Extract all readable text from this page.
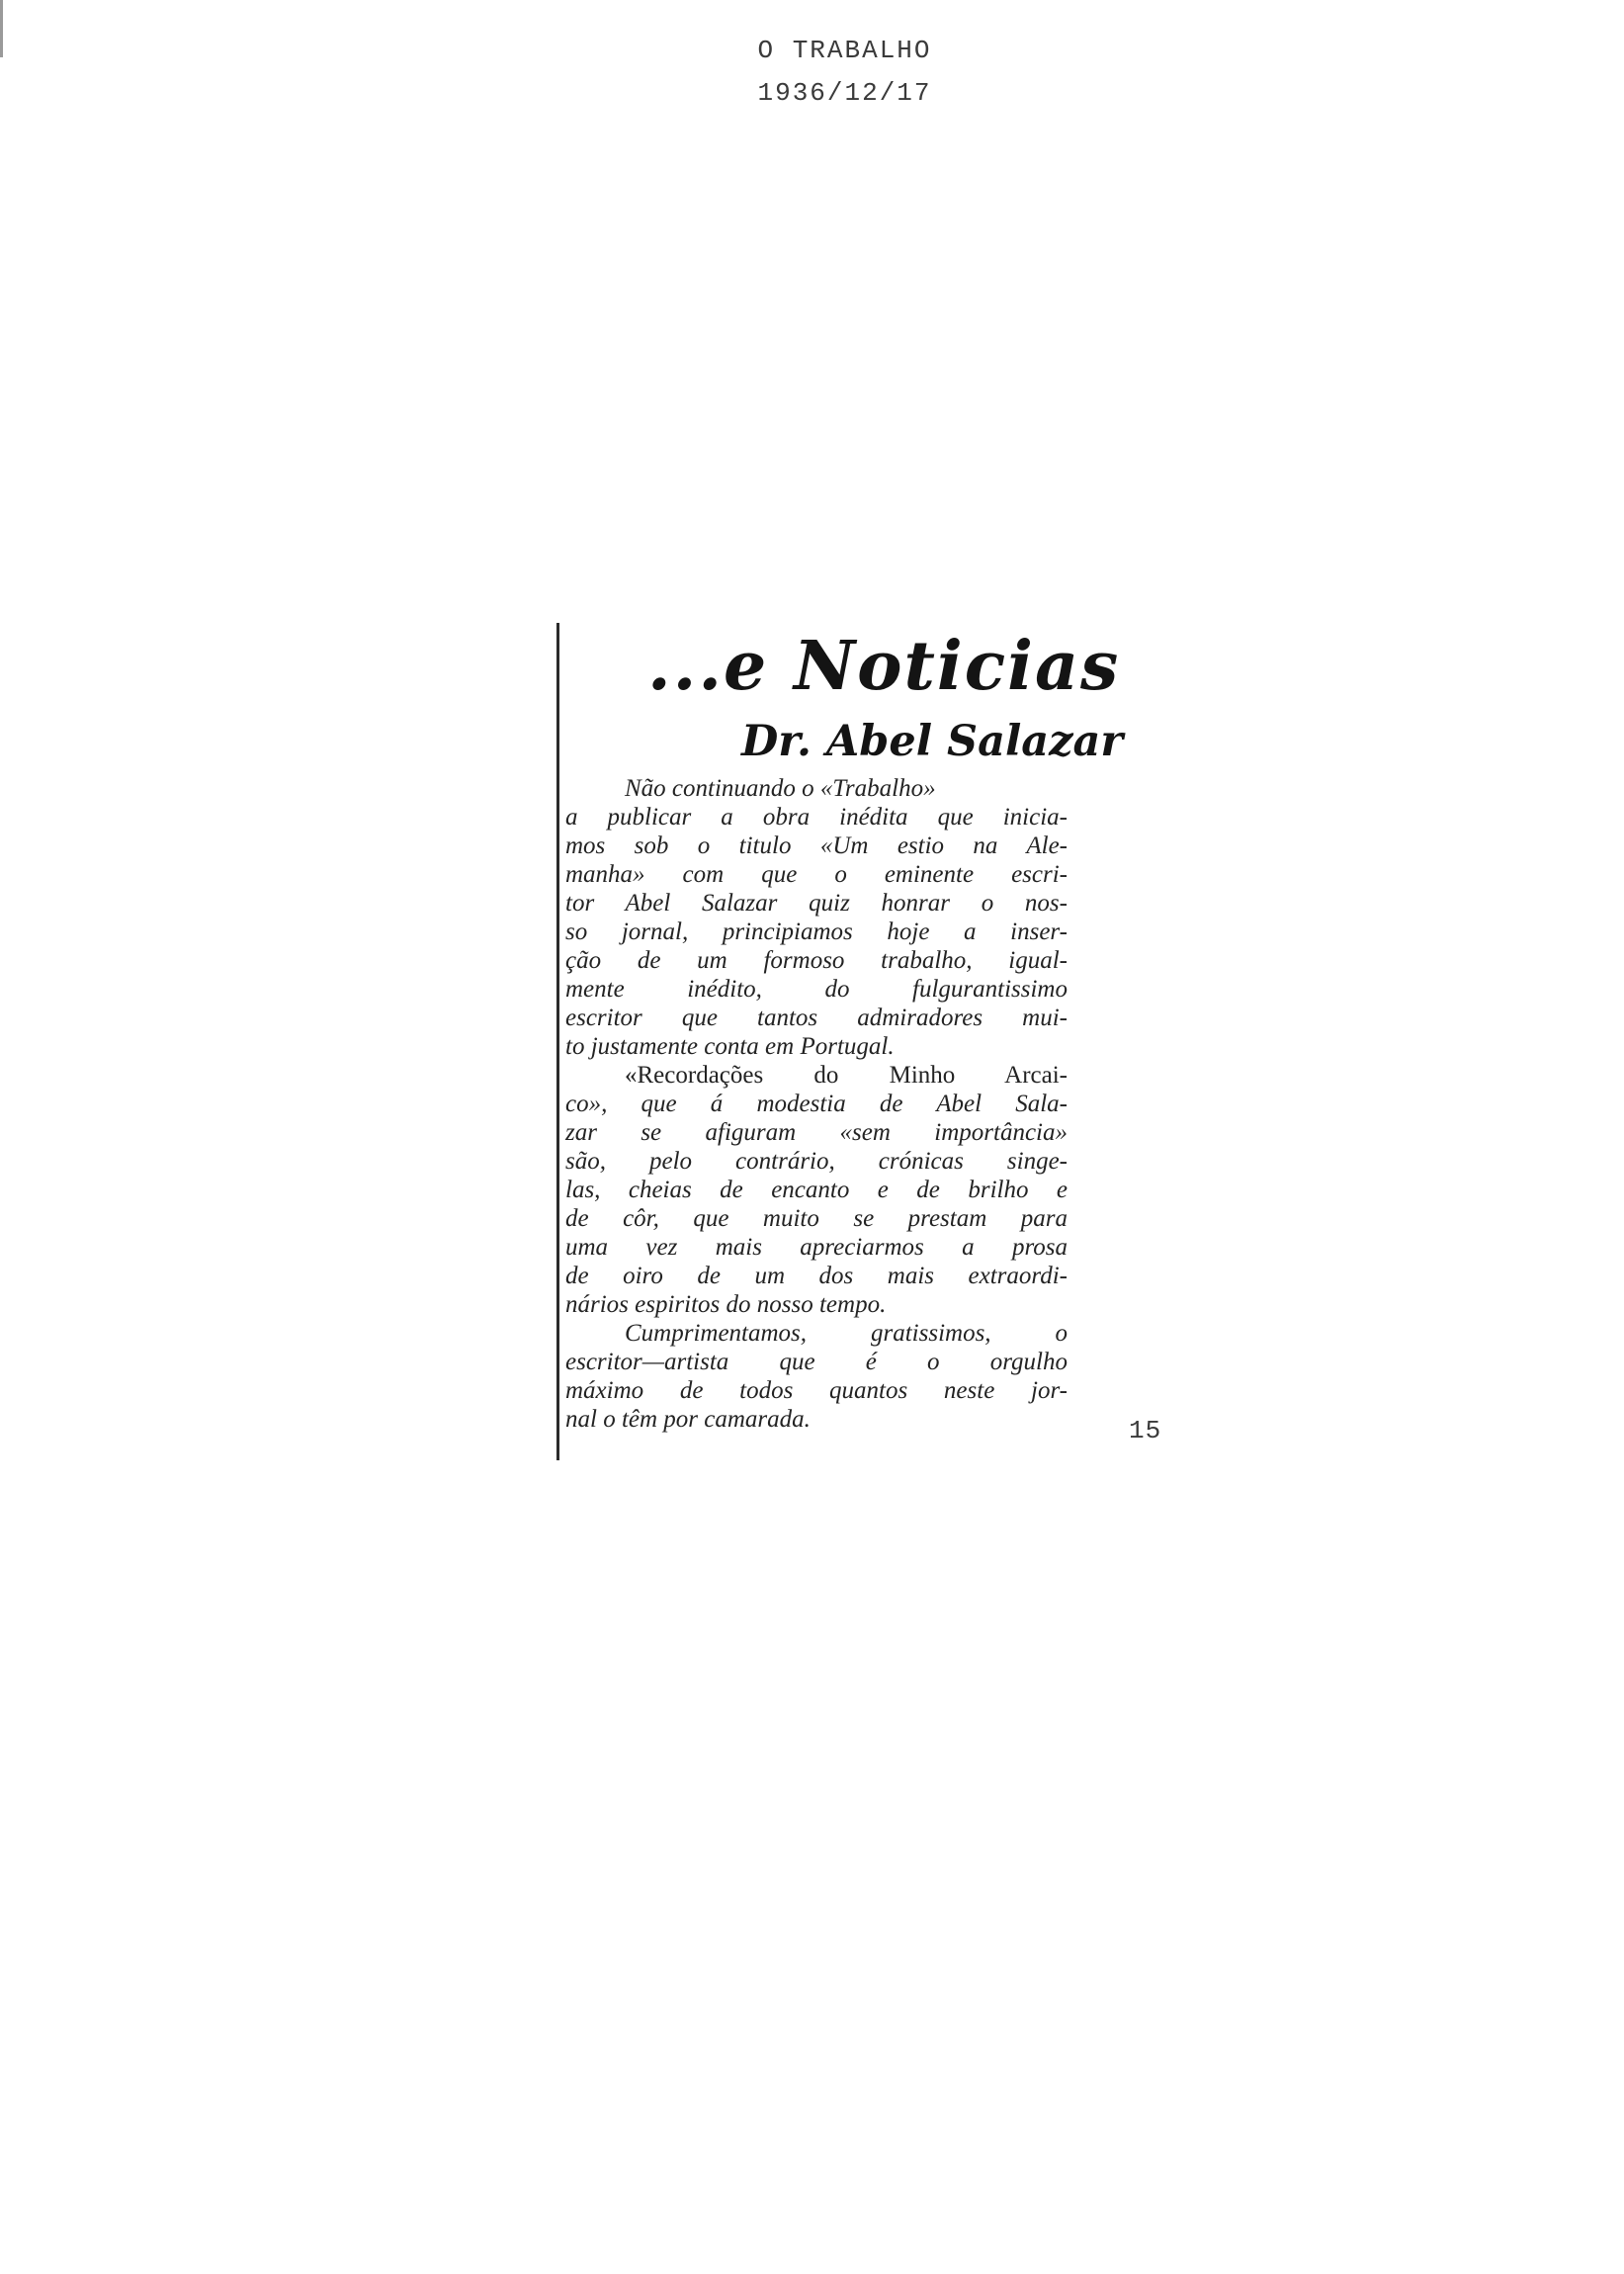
O TRABALHO
1936/12/17
...e Noticias
Dr. Abel Salazar
Não continuando o «Trabalho»
a publicar a obra inédita que inicia-
mos sob o titulo «Um estio na Ale-
manha» com que o eminente escri-
tor Abel Salazar quiz honrar o nos-
so jornal, principiamos hoje a inser-
ção de um formoso trabalho, igual-
mente inédito, do fulgurantissimo
escritor que tantos admiradores mui-
to justamente conta em Portugal.
«Recordações do Minho Arcai-
co», que á modestia de Abel Sala-
zar se afiguram «sem importância»
são, pelo contrário, crónicas singe-
las, cheias de encanto e de brilho e
de côr, que muito se prestam para
uma vez mais apreciarmos a prosa
de oiro de um dos mais extraordi-
nários espiritos do nosso tempo.
Cumprimentamos, gratissimos, o
escritor—artista que é o orgulho
máximo de todos quantos neste jor-
nal o têm por camarada.	15
